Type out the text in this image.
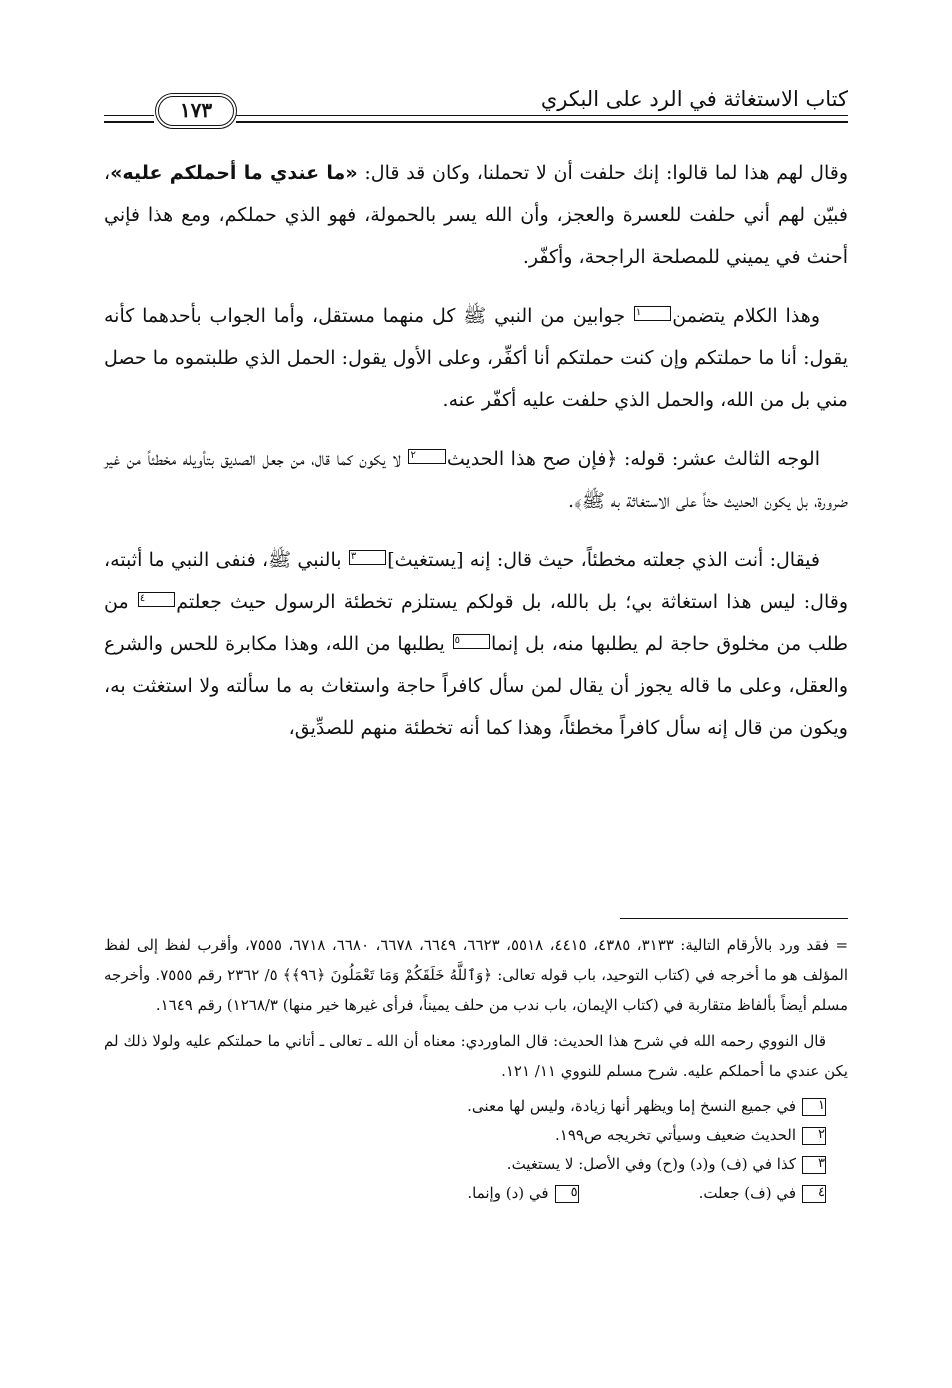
كتاب الاستغاثة في الرد على البكري
١٧٣

وقال لهم هذا لما قالوا: إنك حلفت أن لا تحملنا، وكان قد قال: «ما عندي ما أحملكم عليه»، فبيّن لهم أني حلفت للعسرة والعجز، وأن الله يسر بالحمولة، فهو الذي حملكم، ومع هذا فإني أحنث في يميني للمصلحة الراجحة، وأكفّر.

وهذا الكلام يتضمن١ جوابين من النبي ﷺ كل منهما مستقل، وأما الجواب بأحدهما كأنه يقول: أنا ما حملتكم وإن كنت حملتكم أنا أكفِّر، وعلى الأول يقول: الحمل الذي طلبتموه ما حصل مني بل من الله، والحمل الذي حلفت عليه أكفّر عنه.

الوجه الثالث عشر: قوله: ﴿فإن صح هذا الحديث٢ لا يكون كما قال، من جعل الصديق بتأويله مخطئاً من غير ضرورة، بل يكون الحديث حثاً على الاستغاثة به ﷺ﴾.

فيقال: أنت الذي جعلته مخطئاً، حيث قال: إنه [يستغيث]٣ بالنبي ﷺ، فنفى النبي ما أثبته، وقال: ليس هذا استغاثة بي؛ بل بالله، بل قولكم يستلزم تخطئة الرسول حيث جعلتم٤ من طلب من مخلوق حاجة لم يطلبها منه، بل إنما٥ يطلبها من الله، وهذا مكابرة للحس والشرع والعقل، وعلى ما قاله يجوز أن يقال لمن سأل كافراً حاجة واستغاث به ما سألته ولا استغثت به، ويكون من قال إنه سأل كافراً مخطئاً، وهذا كما أنه تخطئة منهم للصدِّيق،

= فقد ورد بالأرقام التالية: ٣١٣٣، ٤٣٨٥، ٤٤١٥، ٥٥١٨، ٦٦٢٣، ٦٦٤٩، ٦٦٧٨، ٦٦٨٠، ٦٧١٨، ٧٥٥٥، وأقرب لفظ إلى لفظ المؤلف هو ما أخرجه في (كتاب التوحيد، باب قوله تعالى: ﴿وَٱللَّهُ خَلَقَكُمْ وَمَا تَعْمَلُونَ ﴿٩٦﴾﴾ ٥/ ٢٣٦٢ رقم ٧٥٥٥. وأخرجه مسلم أيضاً بألفاظ متقاربة في (كتاب الإيمان، باب ندب من حلف يميناً، فرأى غيرها خير منها) ١٢٦٨/٣) رقم ١٦٤٩.

قال النووي رحمه الله في شرح هذا الحديث: قال الماوردي: معناه أن الله ـ تعالى ـ أتاني ما حملتكم عليه ولولا ذلك لم يكن عندي ما أحملكم عليه. شرح مسلم للنووي ١١/ ١٢١.

١في جميع النسخ إما ويظهر أنها زيادة، وليس لها معنى.
٢الحديث ضعيف وسيأتي تخريجه ص١٩٩.
٣كذا في (ف) و(د) و(ح) وفي الأصل: لا يستغيث.
٤في (ف) جعلت.٥في (د) وإنما.
